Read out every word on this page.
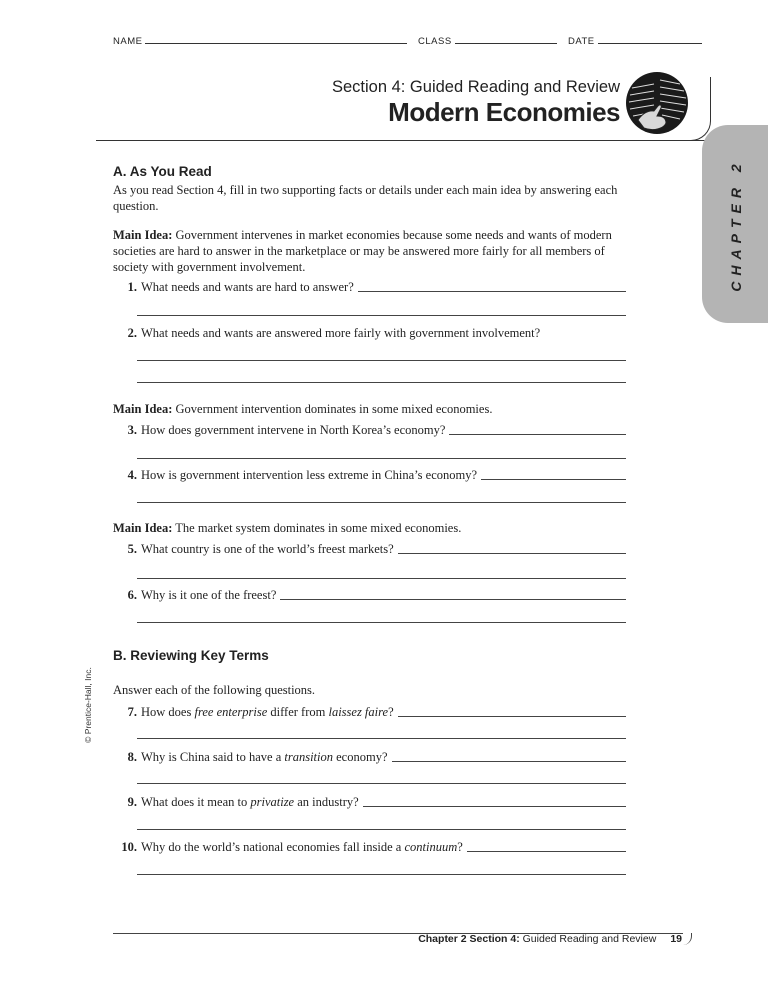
NAME	CLASS	DATE
Section 4: Guided Reading and Review
Modern Economies
CHAPTER 2
© Prentice-Hall, Inc.
A. As You Read
As you read Section 4, fill in two supporting facts or details under each main idea by answering each question.
Main Idea: Government intervenes in market economies because some needs and wants of modern societies are hard to answer in the marketplace or may be answered more fairly for all members of society with government involvement.
1. What needs and wants are hard to answer?
2. What needs and wants are answered more fairly with government involvement?
Main Idea: Government intervention dominates in some mixed economies.
3. How does government intervene in North Korea’s economy?
4. How is government intervention less extreme in China’s economy?
Main Idea: The market system dominates in some mixed economies.
5. What country is one of the world’s freest markets?
6. Why is it one of the freest?
B. Reviewing Key Terms
Answer each of the following questions.
7. How does free enterprise differ from laissez faire?
8. Why is China said to have a transition economy?
9. What does it mean to privatize an industry?
10. Why do the world’s national economies fall inside a continuum?
Chapter 2 Section 4: Guided Reading and Review 19
